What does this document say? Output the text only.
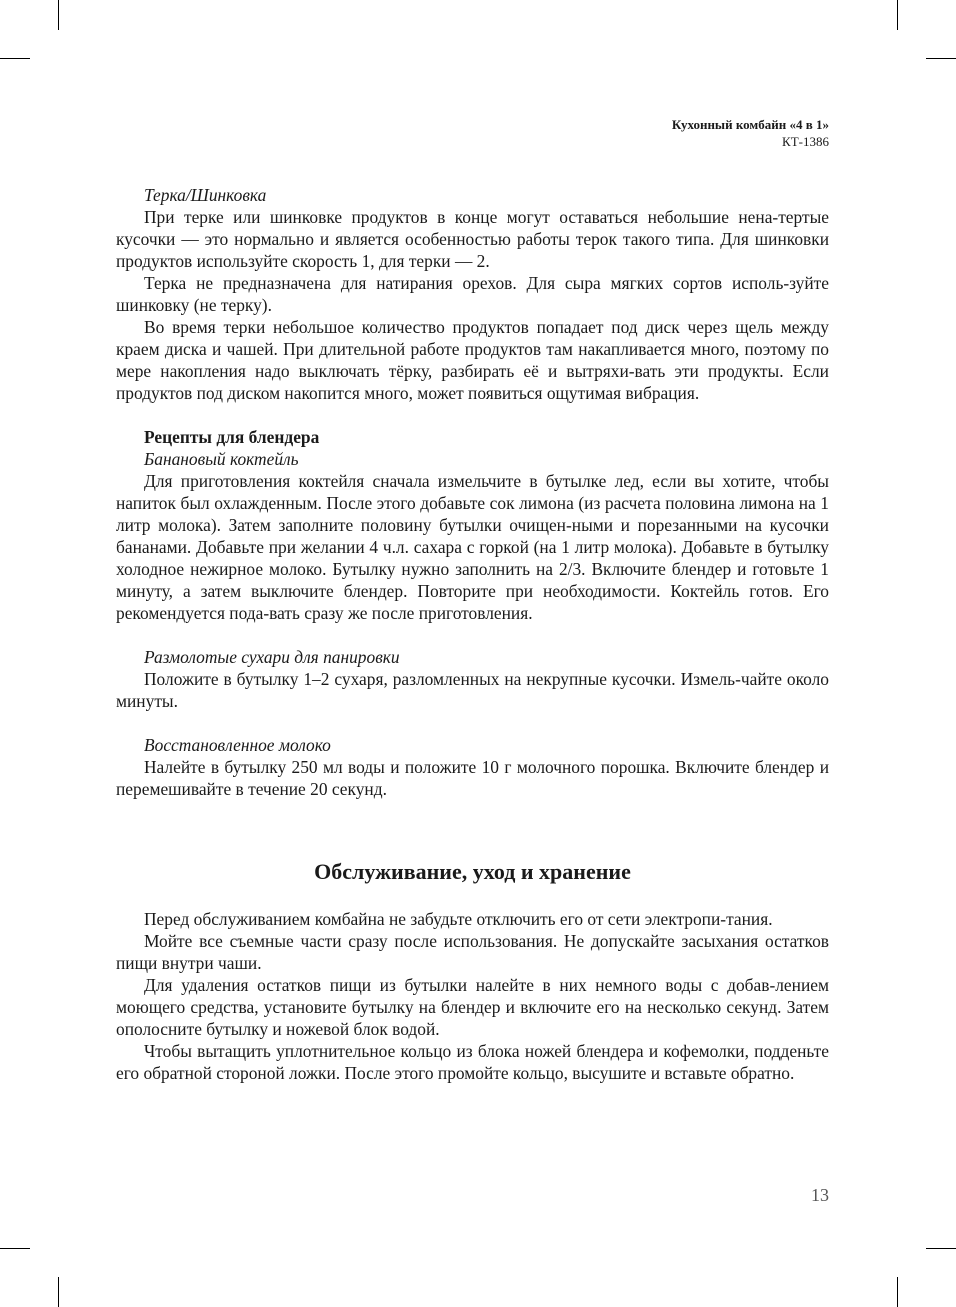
Кухонный комбайн «4 в 1»
КТ-1386
Терка/Шинковка

При терке или шинковке продуктов в конце могут оставаться небольшие нена-тертые кусочки — это нормально и является особенностью работы терок такого типа. Для шинковки продуктов используйте скорость 1, для терки — 2.

Терка не предназначена для натирания орехов. Для сыра мягких сортов исполь-зуйте шинковку (не терку).

Во время терки небольшое количество продуктов попадает под диск через щель между краем диска и чашей. При длительной работе продуктов там накапливается много, поэтому по мере накопления надо выключать тёрку, разбирать её и вытряхи-вать эти продукты. Если продуктов под диском накопится много, может появиться ощутимая вибрация.

Рецепты для блендера
Банановый коктейль

Для приготовления коктейля сначала измельчите в бутылке лед, если вы хотите, чтобы напиток был охлажденным. После этого добавьте сок лимона (из расчета половина лимона на 1 литр молока). Затем заполните половину бутылки очищен-ными и порезанными на кусочки бананами. Добавьте при желании 4 ч.л. сахара с горкой (на 1 литр молока). Добавьте в бутылку холодное нежирное молоко. Бутылку нужно заполнить на 2/3. Включите блендер и готовьте 1 минуту, а затем выключите блендер. Повторите при необходимости. Коктейль готов. Его рекомендуется пода-вать сразу же после приготовления.

Размолотые сухари для панировки

Положите в бутылку 1–2 сухаря, разломленных на некрупные кусочки. Измель-чайте около минуты.

Восстановленное молоко

Налейте в бутылку 250 мл воды и положите 10 г молочного порошка. Включите блендер и перемешивайте в течение 20 секунд.

Обслуживание, уход и хранение

Перед обслуживанием комбайна не забудьте отключить его от сети электропи-тания.

Мойте все съемные части сразу после использования. Не допускайте засыхания остатков пищи внутри чаши.

Для удаления остатков пищи из бутылки налейте в них немного воды с добав-лением моющего средства, установите бутылку на блендер и включите его на несколько секунд. Затем ополосните бутылку и ножевой блок водой.

Чтобы вытащить уплотнительное кольцо из блока ножей блендера и кофемолки, подденьте его обратной стороной ложки. После этого промойте кольцо, высушите и вставьте обратно.

13
